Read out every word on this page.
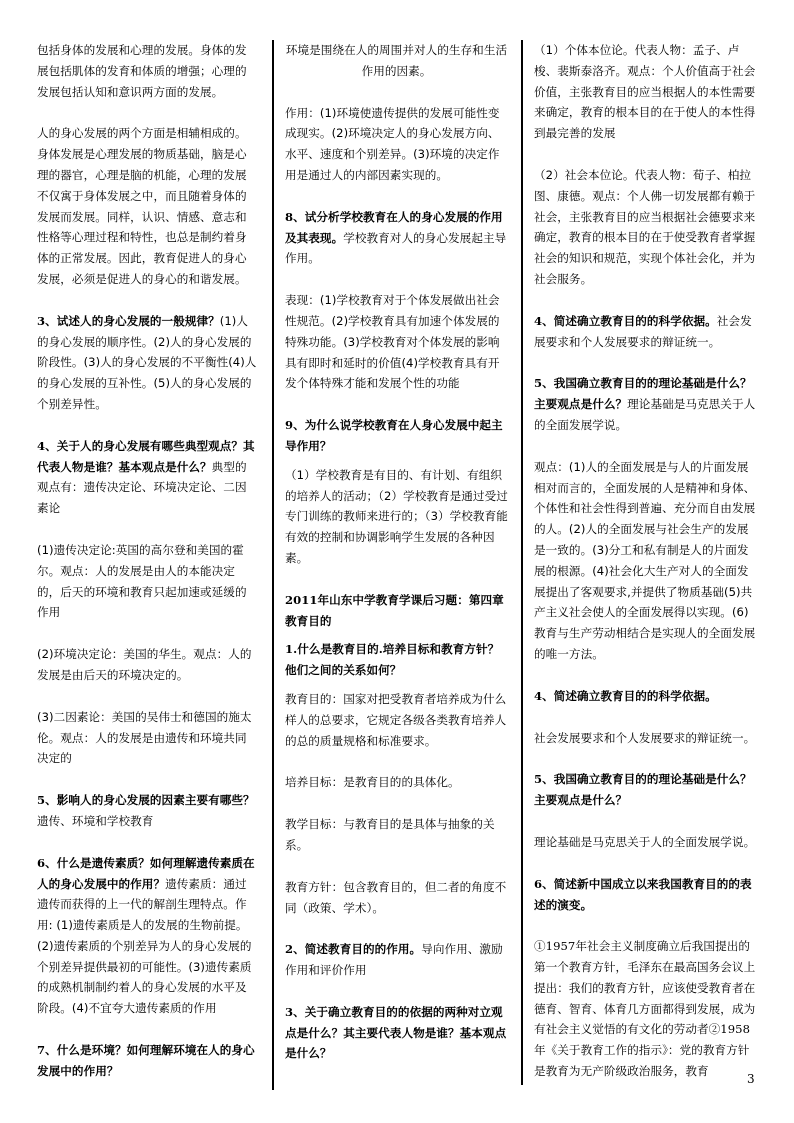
包括身体的发展和心理的发展。身体的发展包括肌体的发育和体质的增强；心理的发展包括认知和意识两方面的发展。

人的身心发展的两个方面是相辅相成的。身体发展是心理发展的物质基础，脑是心理的器官，心理是脑的机能，心理的发展不仅寓于身体发展之中，而且随着身体的发展而发展。同样，认识、情感、意志和性格等心理过程和特性，也总是制约着身体的正常发展。因此，教育促进人的身心发展，必须是促进人的身心的和谐发展。

3、试述人的身心发展的一般规律？(1)人的身心发展的顺序性。(2)人的身心发展的阶段性。(3)人的身心发展的不平衡性(4)人的身心发展的互补性。(5)人的身心发展的个别差异性。

4、关于人的身心发展有哪些典型观点？其代表人物是谁？基本观点是什么？典型的观点有：遗传决定论、环境决定论、二因素论

(1)遗传决定论:英国的高尔登和美国的霍尔。观点：人的发展是由人的本能决定的，后天的环境和教育只起加速或延缓的作用

(2)环境决定论：美国的华生。观点：人的发展是由后天的环境决定的。

(3)二因素论：美国的吴伟士和德国的施太伦。观点：人的发展是由遗传和环境共同决定的

5、影响人的身心发展的因素主要有哪些？
遗传、环境和学校教育

6、什么是遗传素质？如何理解遗传素质在人的身心发展中的作用？遗传素质：通过遗传而获得的上一代的解剖生理特点。作用: (1)遗传素质是人的发展的生物前提。(2)遗传素质的个别差异为人的身心发展的个别差异提供最初的可能性。(3)遗传素质的成熟机制制约着人的身心发展的水平及阶段。(4)不宜夸大遗传素质的作用

7、什么是环境？如何理解环境在人的身心发展中的作用？

环境是围绕在人的周围并对人的生存和生活作用的因素。

作用：(1)环境使遗传提供的发展可能性变成现实。(2)环境决定人的身心发展方向、水平、速度和个别差异。(3)环境的决定作用是通过人的内部因素实现的。

8、试分析学校教育在人的身心发展的作用及其表现。学校教育对人的身心发展起主导作用。

表现：(1)学校教育对于个体发展做出社会性规范。(2)学校教育具有加速个体发展的特殊功能。(3)学校教育对个体发展的影响具有即时和延时的价值(4)学校教育具有开发个体特殊才能和发展个性的功能

9、为什么说学校教育在人身心发展中起主导作用？

（1）学校教育是有目的、有计划、有组织的培养人的活动；（2）学校教育是通过受过专门训练的教师来进行的；（3）学校教育能有效的控制和协调影响学生发展的各种因素。

2011年山东中学教育学课后习题：第四章教育目的

1.什么是教育目的.培养目标和教育方针？他们之间的关系如何？

教育目的：国家对把受教育者培养成为什么样人的总要求，它规定各级各类教育培养人的总的质量规格和标准要求。

培养目标：是教育目的的具体化。

教学目标：与教育目的是具体与抽象的关系。

教育方针：包含教育目的，但二者的角度不同（政策、学术）。

2、简述教育目的的作用。导向作用、激励作用和评价作用

3、关于确立教育目的的依据的两种对立观点是什么？其主要代表人物是谁？基本观点是什么？

（1）个体本位论。代表人物：孟子、卢梭、裴斯泰洛齐。观点：个人价值高于社会价值，主张教育目的应当根据人的本性需要来确定，教育的根本目的在于使人的本性得到最完善的发展

（2）社会本位论。代表人物：荀子、柏拉图、康德。观点：个人佛一切发展都有赖于社会，主张教育目的应当根据社会德要求来确定，教育的根本目的在于使受教育者掌握社会的知识和规范，实现个体社会化，并为社会服务。

4、简述确立教育目的的科学依据。社会发展要求和个人发展要求的辩证统一。

5、我国确立教育目的的理论基础是什么？主要观点是什么？理论基础是马克思关于人的全面发展学说。

观点：(1)人的全面发展是与人的片面发展相对而言的，全面发展的人是精神和身体、个体性和社会性得到普遍、充分而自由发展的人。(2)人的全面发展与社会生产的发展是一致的。(3)分工和私有制是人的片面发展的根源。(4)社会化大生产对人的全面发展提出了客观要求,并提供了物质基础(5)共产主义社会使人的全面发展得以实现。(6)教育与生产劳动相结合是实现人的全面发展的唯一方法。

4、简述确立教育目的的科学依据。

社会发展要求和个人发展要求的辩证统一。

5、我国确立教育目的的理论基础是什么？主要观点是什么？

理论基础是马克思关于人的全面发展学说。

6、简述新中国成立以来我国教育目的的表述的演变。

①1957年社会主义制度确立后我国提出的第一个教育方针，毛泽东在最高国务会议上提出：我们的教育方针，应该使受教育者在德育、智育、体育几方面都得到发展，成为有社会主义觉悟的有文化的劳动者②1958年《关于教育工作的指示》：党的教育方针是教育为无产阶级政治服务，教育

3
